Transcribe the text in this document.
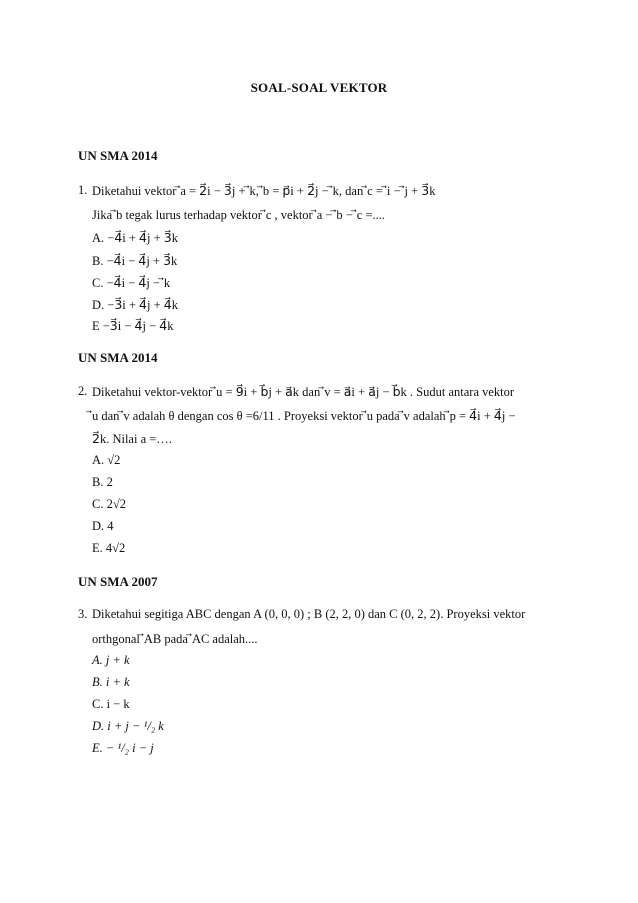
SOAL-SOAL VEKTOR
UN SMA 2014
1. Diketahui vektor ⃗a = 2⃗i − 3⃗j + ⃗k, ⃗b = p⃗i + 2⃗j − ⃗k, dan ⃗c = ⃗i − ⃗j + 3⃗k
Jika ⃗b tegak lurus terhadap vektor ⃗c , vektor ⃗a − ⃗b − ⃗c =....
A. −4⃗i + 4⃗j + 3⃗k
B. −4⃗i − 4⃗j + 3⃗k
C. −4⃗i − 4⃗j − ⃗k
D. −3⃗i + 4⃗j + 4⃗k
E −3⃗i − 4⃗j − 4⃗k
UN SMA 2014
2. Diketahui vektor-vektor ⃗u = 9⃗i + b⃗j + a⃗k dan ⃗v = a⃗i + a⃗j − b⃗k . Sudut antara vektor
⃗u dan ⃗v adalah θ dengan cos θ =6/11 . Proyeksi vektor ⃗u pada ⃗v adalah ⃗p = 4⃗i + 4⃗j −
2⃗k. Nilai a =….
A. √2
B. 2
C. 2√2
D. 4
E. 4√2
UN SMA 2007
3. Diketahui segitiga ABC dengan A (0, 0, 0) ; B (2, 2, 0) dan C (0, 2, 2). Proyeksi vektor
orthgonal ⃗AB pada ⃗AC adalah....
A. j + k
B. i + k
C. i − k
D. i + j − ¹/₂ k
E. − ¹/₂ i − j
